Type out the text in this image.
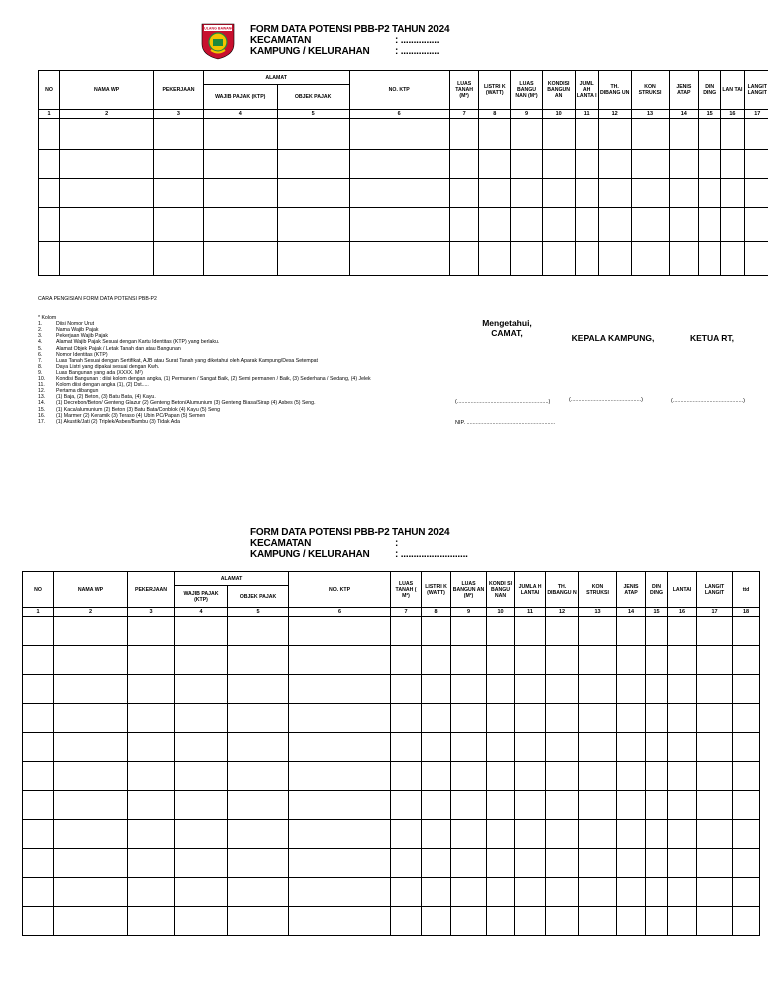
TULANG BAWANG FORM DATA POTENSI PBB-P2 TAHUN 2024
KECAMATAN	: ...............
KAMPUNG / KELURAHAN	: ...............
NO	NAMA WP	PEKERJAAN	ALAMAT		NO. KTP	LUAS TANAH (M²)	LISTRI K (WATT)	LUAS BANGU NAN (M²)	KONDISI BANGUN AN	JUML AH LANTA I	TH. DIBANG UN	KON STRUKSI	JENIS ATAP	DIN DING	LAN TAI	LANGIT LANGIT
			WAJIB PAJAK (KTP)	OBJEK PAJAK												
1	2	3	4	5	6	7	8	9	10	11	12	13	14	15	16	17

CARA PENGISIAN FORM DATA POTENSI PBB-P2
* Kolom
1.	Diisi Nomor Urut
2.	Nama Wajib Pajak
3.	Pekerjaan Wajib Pajak
4.	Alamat Wajib Pajak Sesuai dengan Kartu Identitas (KTP) yang berlaku.
5.	Alamat Objek Pajak / Letak Tanah dan atau Bangunan
6.	Nomor Identitas (KTP)
7.	Luas Tanah Sesuai dengan Sertifikat, AJB atau Surat Tanah yang diketahui oleh Aparak Kampung/Desa Setempat
8.	Daya Listri yang dipakai sesuai dengan Kwh.
9.	Luas Bangunan yang ada (XXXX. M²)
10.	Kondisi Bangunan : diisi kolom dengan angka, (1) Permanen / Sangat Baik, (2) Semi permanen / Baik, (3) Sederhana / Sedang, (4) Jelek
11.	Kolom diisi dengan angka (1), (2) Dst.....
12.	Pertama dibangun
13.	(1) Baja, (2) Beton, (3) Batu Bata, (4) Kayu.
14.	(1) Decrebon/Beton/ Genteng Glazur (2) Genteng Beton/Alumunium (3) Genteng Biasa/Sirap (4) Asbes (5) Seng.
15.	(1) Kaca/alumunium (2) Beton (3) Batu Bata/Conblok (4) Kayu (5) Seng
16.	(1) Marmer (2) Keramik (3) Teraso (4) Ubin PC/Papan (5) Semen
17.	(1) Akustik/Jati (2) Triplek/Asbes/Bambu (3) Tidak Ada
Mengetahui,
CAMAT,	KEPALA KAMPUNG,	KETUA RT,
(............................................................)	(..............................................)	(..............................................)
NIP. ..........................................................
FORM DATA POTENSI PBB-P2 TAHUN 2024
KECAMATAN	:
KAMPUNG / KELURAHAN	: ..........................
NO	NAMA WP	PEKERJAAN	ALAMAT		NO. KTP	LUAS TANAH ( M²)	LISTRI K (WATT)	LUAS BANGUN AN (M²)	KONDI SI BANGU NAN	JUMLA H LANTAI	TH. DIBANGU N	KON STRUKSI	JENIS ATAP	DIN DING	LANTAI	LANGIT LANGIT	ttd
			WAJIB PAJAK (KTP)	OBJEK PAJAK													
1	2	3	4	5	6	7	8	9	10	11	12	13	14	15	16	17	18
